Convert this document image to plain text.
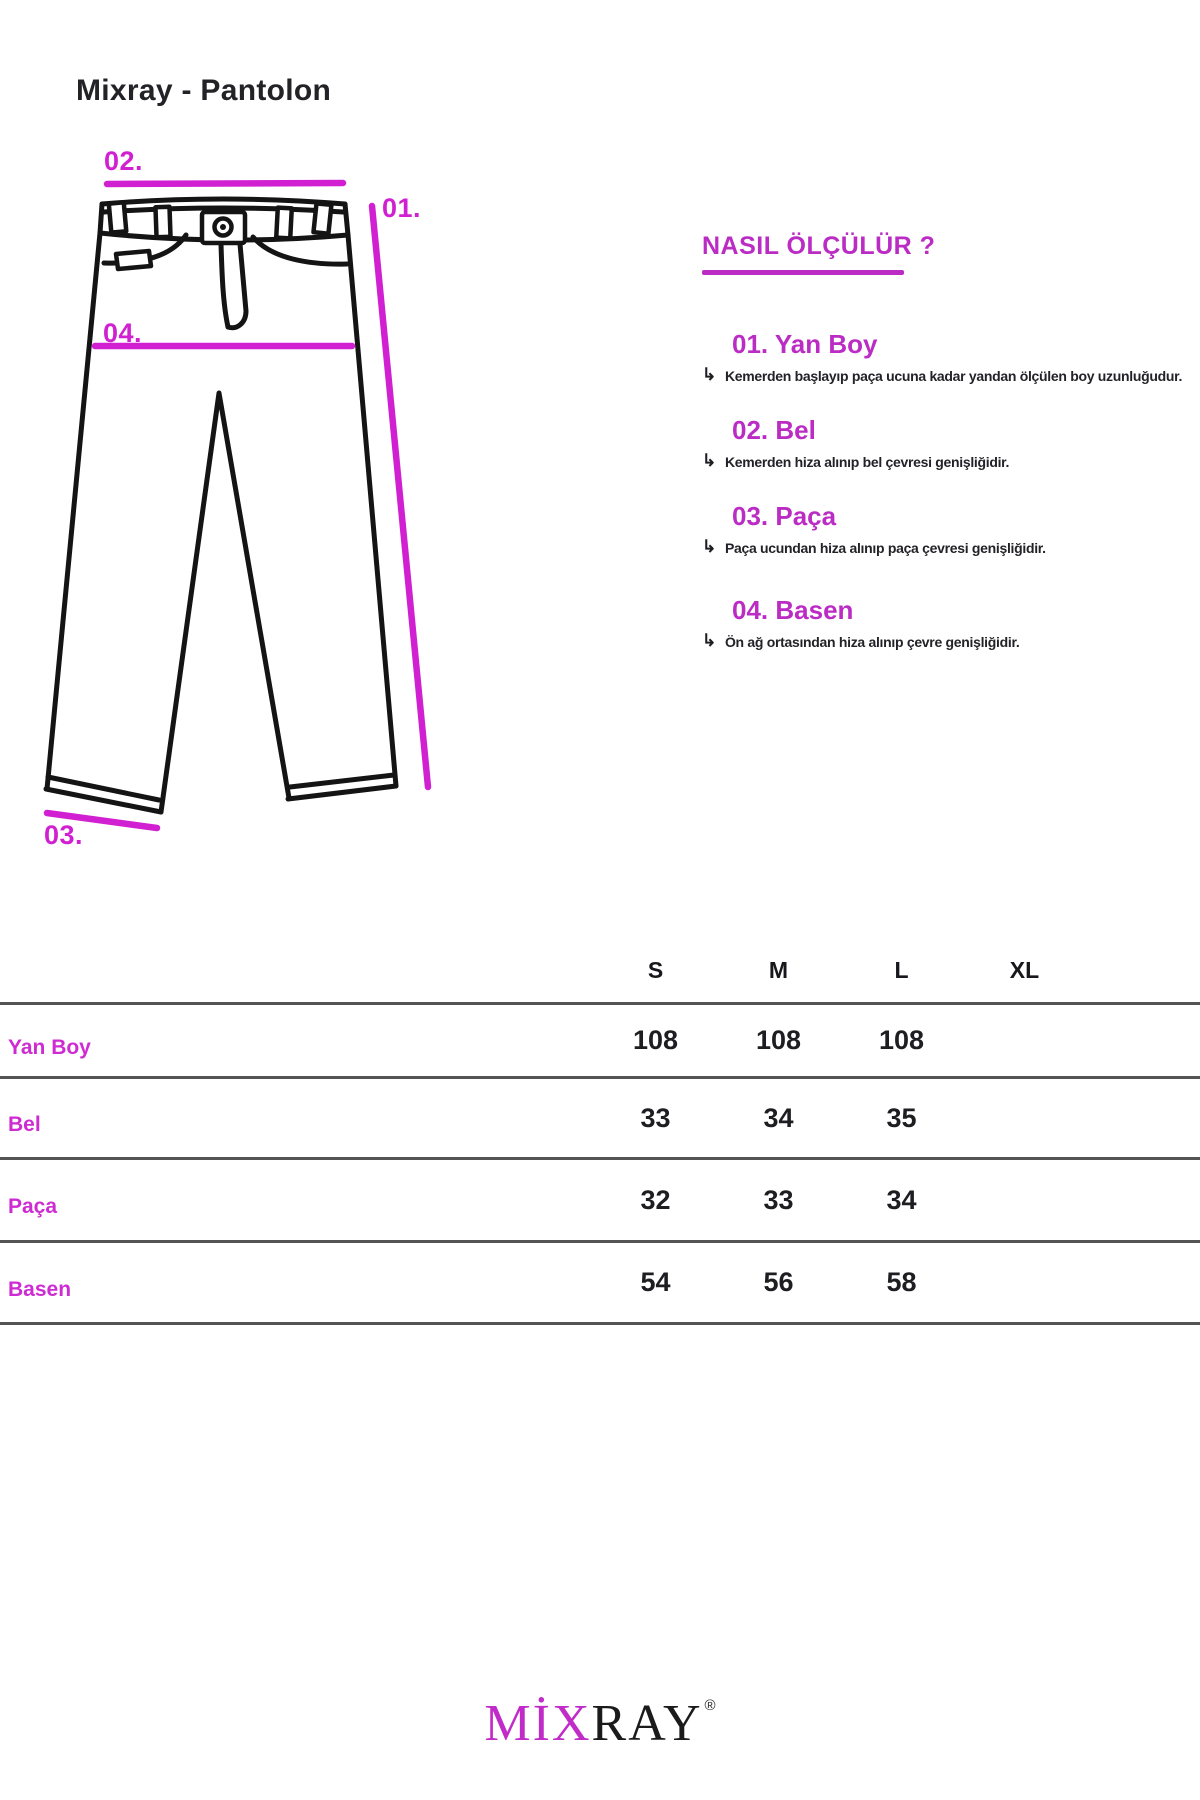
Mixray - Pantolon
02.
01.
04.
03.
NASIL ÖLÇÜLÜR ?
01. Yan Boy
↳ Kemerden başlayıp paça ucuna kadar yandan ölçülen boy uzunluğudur.
02. Bel
↳ Kemerden hiza alınıp bel çevresi genişliğidir.
03. Paça
↳ Paça ucundan hiza alınıp paça çevresi genişliğidir.
04. Basen
↳ Ön ağ ortasından hiza alınıp çevre genişliğidir.
S	M	L	XL
Yan Boy	108	108	108
Bel	33	34	35
Paça	32	33	34
Basen	54	56	58
MİXRAY ®
